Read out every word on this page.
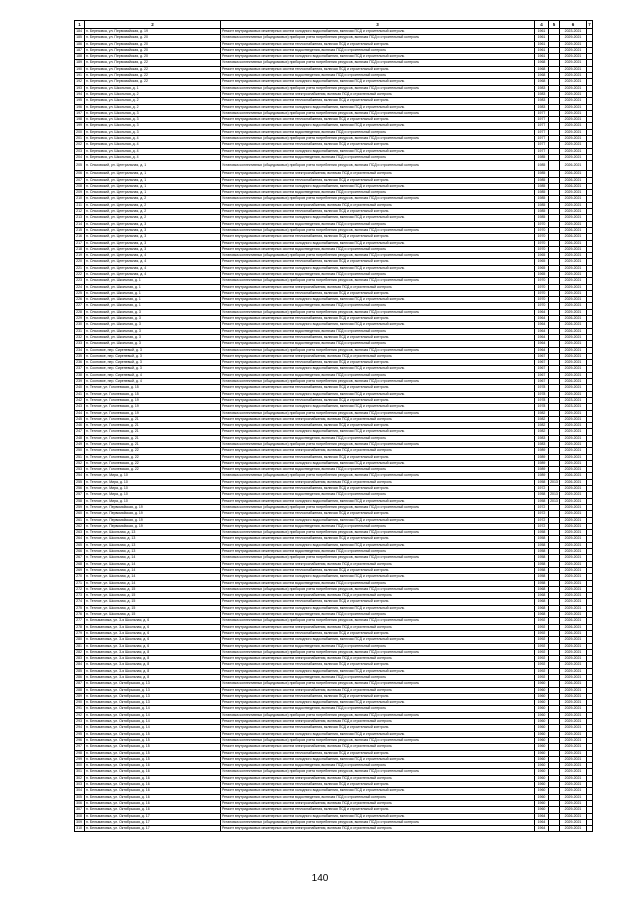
1	2	3	4	5	6	7
184	п. Березовка, ул. Первомайская, д. 19	Ремонт внутридомовых инженерных систем холодного водоснабжения, включая ПСД и строительный контроль	1961		2023-2021	
185	п. Березовка, ул. Первомайская, д. 20	Установка коллективных (общедомовых) приборов учета потребления ресурсов, включая ПСД и строительный контроль	1961		2029-2021	
186	п. Березовка, ул. Первомайская, д. 20	Ремонт внутридомовых инженерных систем теплоснабжения, включая ПСД и строительный контроль	1961		2029-2021	
187	п. Березовка, ул. Первомайская, д. 20	Ремонт внутридомовых инженерных систем водоотведения, включая ПСД и строительный контроль	1961		2029-2021	
188	п. Березовка, ул. Первомайская, д. 20	Ремонт внутридомовых инженерных систем холодного водоснабжения, включая ПСД и строительный контроль	1961		2029-2021	
189	п. Березовка, ул. Первомайская, д. 22	Установка коллективных (общедомовых) приборов учета потребления ресурсов, включая ПСД и строительный контроль	1968		2029-2021	
190	п. Березовка, ул. Первомайская, д. 22	Ремонт внутридомовых инженерных систем теплоснабжения, включая ПСД и строительный контроль	1968		2029-2021	
191	п. Березовка, ул. Первомайская, д. 22	Ремонт внутридомовых инженерных систем водоотведения, включая ПСД и строительный контроль	1968		2029-2021	
192	п. Березовка, ул. Первомайская, д. 22	Ремонт внутридомовых инженерных систем холодного водоснабжения, включая ПСД и строительный контроль	1968		2029-2021	
193	п. Березовка, ул. Школьная, д. 1	Установка коллективных (общедомовых) приборов учета потребления ресурсов, включая ПСД и строительный контроль	1983		2029-2021	
194	п. Березовка, ул. Школьная, д. 2	Ремонт внутридомовых инженерных систем электроснабжения, включая ПСД и строительный контроль	1983		2029-2021	
195	п. Березовка, ул. Школьная, д. 2	Ремонт внутридомовых инженерных систем теплоснабжения, включая ПСД и строительный контроль	1983		2029-2021	
196	п. Березовка, ул. Школьная, д. 2	Ремонт внутридомовых инженерных систем холодного водоснабжения, включая ПСД и строительный контроль	1983		2029-2021	
197	п. Березовка, ул. Школьная, д. 3	Установка коллективных (общедомовых) приборов учета потребления ресурсов, включая ПСД и строительный контроль	1977		2029-2021	
198	п. Березовка, ул. Школьная, д. 3	Ремонт внутридомовых инженерных систем теплоснабжения, включая ПСД и строительный контроль	1977		2029-2021	
199	п. Березовка, ул. Школьная, д. 3	Ремонт внутридомовых инженерных систем холодного водоснабжения, включая ПСД и строительный контроль	1977		2029-2021	
200	п. Березовка, ул. Школьная, д. 3	Ремонт внутридомовых инженерных систем водоотведения, включая ПСД и строительный контроль	1977		2029-2021	
201	п. Березовка, ул. Школьная, д. 4	Установка коллективных (общедомовых) приборов учета потребления ресурсов, включая ПСД и строительный контроль	1977		2029-2021	
202	п. Березовка, ул. Школьная, д. 4	Ремонт внутридомовых инженерных систем теплоснабжения, включая ПСД и строительный контроль	1977		2029-2021	
203	п. Березовка, ул. Школьная, д. 4	Ремонт внутридомовых инженерных систем холодного водоснабжения, включая ПСД и строительный контроль	1977		2029-2021	
204	п. Березовка, ул. Школьная, д. 4	Ремонт внутридомовых инженерных систем водоотведения, включая ПСД и строительный контроль	1985		2029-2021	
205	п. Ольховский, ул. Центральная, д. 1	Установка коллективных (общедомовых) приборов учета потребления ресурсов, включая ПСД и строительный контроль	1985		2026-2021	
206	п. Ольховский, ул. Центральная, д. 1	Ремонт внутридомовых инженерных систем электроснабжения, включая ПСД и строительный контроль	1985		2026-2021	
207	п. Ольховский, ул. Центральная, д. 1	Ремонт внутридомовых инженерных систем теплоснабжения, включая ПСД и строительный контроль	1985		2026-2021	
208	п. Ольховский, ул. Центральная, д. 1	Ремонт внутридомовых инженерных систем холодного водоснабжения, включая ПСД и строительный контроль	1985		2026-2021	
209	п. Ольховский, ул. Центральная, д. 1	Ремонт внутридомовых инженерных систем водоотведения, включая ПСД и строительный контроль	1985		2029-2021	
210	п. Ольховский, ул. Центральная, д. 2	Установка коллективных (общедомовых) приборов учета потребления ресурсов, включая ПСД и строительный контроль	1985		2029-2021	
211	п. Ольховский, ул. Центральная, д. 2	Ремонт внутридомовых инженерных систем электроснабжения, включая ПСД и строительный контроль	1985		2029-2021	
212	п. Ольховский, ул. Центральная, д. 2	Ремонт внутридомовых инженерных систем теплоснабжения, включая ПСД и строительный контроль	1985		2029-2021	
213	п. Ольховский, ул. Центральная, д. 2	Ремонт внутридомовых инженерных систем холодного водоснабжения, включая ПСД и строительный контроль	1985		2029-2021	
214	п. Ольховский, ул. Центральная, д. 3	Ремонт внутридомовых инженерных систем водоотведения, включая ПСД и строительный контроль	1970		2029-2021	
215	п. Ольховский, ул. Центральная, д. 3	Установка коллективных (общедомовых) приборов учета потребления ресурсов, включая ПСД и строительный контроль	1970		2026-2021	
216	п. Ольховский, ул. Центральная, д. 3	Ремонт внутридомовых инженерных систем теплоснабжения, включая ПСД и строительный контроль	1970		2026-2021	
217	п. Ольховский, ул. Центральная, д. 3	Ремонт внутридомовых инженерных систем холодного водоснабжения, включая ПСД и строительный контроль	1970		2026-2021	
218	п. Ольховский, ул. Центральная, д. 3	Ремонт внутридомовых инженерных систем водоотведения, включая ПСД и строительный контроль	1970		2029-2021	
219	п. Ольховский, ул. Центральная, д. 4	Установка коллективных (общедомовых) приборов учета потребления ресурсов, включая ПСД и строительный контроль	1965		2029-2021	
220	п. Ольховский, ул. Центральная, д. 4	Ремонт внутридомовых инженерных систем теплоснабжения, включая ПСД и строительный контроль	1965		2029-2021	
221	п. Ольховский, ул. Центральная, д. 4	Ремонт внутридомовых инженерных систем холодного водоснабжения, включая ПСД и строительный контроль	1965		2029-2021	
222	п. Ольховский, ул. Центральная, д. 4	Ремонт внутридомовых инженерных систем водоотведения, включая ПСД и строительный контроль	1965		2029-2021	
223	п. Ольховский, ул. Школьная, д. 1	Установка коллективных (общедомовых) приборов учета потребления ресурсов, включая ПСД и строительный контроль	1970		2029-2021	
224	п. Ольховский, ул. Школьная, д. 1	Ремонт внутридомовых инженерных систем электроснабжения, включая ПСД и строительный контроль	1970		2029-2021	
225	п. Ольховский, ул. Школьная, д. 1	Ремонт внутридомовых инженерных систем теплоснабжения, включая ПСД и строительный контроль	1970		2029-2021	
226	п. Ольховский, ул. Школьная, д. 1	Ремонт внутридомовых инженерных систем холодного водоснабжения, включая ПСД и строительный контроль	1970		2029-2021	
227	п. Ольховский, ул. Школьная, д. 1	Ремонт внутридомовых инженерных систем водоотведения, включая ПСД и строительный контроль	1970		2029-2021	
228	п. Ольховский, ул. Школьная, д. 3	Установка коллективных (общедомовых) приборов учета потребления ресурсов, включая ПСД и строительный контроль	1964		2029-2021	
229	п. Ольховский, ул. Школьная, д. 3	Ремонт внутридомовых инженерных систем теплоснабжения, включая ПСД и строительный контроль	1964		2026-2021	
230	п. Ольховский, ул. Школьная, д. 3	Ремонт внутридомовых инженерных систем холодного водоснабжения, включая ПСД и строительный контроль	1964		2026-2021	
231	п. Ольховский, ул. Школьная, д. 3	Ремонт внутридомовых инженерных систем водоотведения, включая ПСД и строительный контроль	1964		2026-2021	
232	п. Ольховский, ул. Школьная, д. 3	Ремонт внутридомовых инженерных систем теплоснабжения, включая ПСД и строительный контроль	1964		2029-2021	
233	п. Ольховский, ул. Школьная, д. 3	Ремонт внутридомовых инженерных систем водоотведения, включая ПСД и строительный контроль	1964		2029-2021	
234	п. Сосновое, пер. Сиреневый, д. 3	Установка коллективных (общедомовых) приборов учета потребления ресурсов, включая ПСД и строительный контроль	1964		2029-2021	
235	п. Сосновое, пер. Сиреневый, д. 3	Ремонт внутридомовых инженерных систем электроснабжения, включая ПСД и строительный контроль	1967		2029-2021	
236	п. Сосновое, пер. Сиреневый, д. 3	Ремонт внутридомовых инженерных систем теплоснабжения, включая ПСД и строительный контроль	1967		2029-2021	
237	п. Сосновое, пер. Сиреневый, д. 3	Ремонт внутридомовых инженерных систем холодного водоснабжения, включая ПСД и строительный контроль	1967		2029-2021	
238	п. Сосновое, пер. Сиреневый, д. 4	Ремонт внутридомовых инженерных систем водоотведения, включая ПСД и строительный контроль	1967		2029-2021	
239	п. Сосновое, пер. Сиреневый, д. 4	Установка коллективных (общедомовых) приборов учета потребления ресурсов, включая ПСД и строительный контроль	1967		2026-2021	
240	п. Теплое, ул. Гоголевская, д. 15	Ремонт внутридомовых инженерных систем теплоснабжения, включая ПСД и строительный контроль	1978		2029-2021	
241	п. Теплое, ул. Гоголевская, д. 15	Ремонт внутридомовых инженерных систем холодного водоснабжения, включая ПСД и строительный контроль	1978		2029-2021	
242	п. Теплое, ул. Гоголевская, д. 19	Ремонт внутридомовых инженерных систем теплоснабжения, включая ПСД и строительный контроль	1978		2023-2021	
243	п. Теплое, ул. Гоголевская, д. 19	Ремонт внутридомовых инженерных систем холодного водоснабжения, включая ПСД и строительный контроль	1978		2023-2021	
244	п. Теплое, ул. Гоголевская, д. 19	Установка коллективных (общедомовых) приборов учета потребления ресурсов, включая ПСД и строительный контроль	1982		2029-2021	
245	п. Теплое, ул. Гоголевская, д. 21	Ремонт внутридомовых инженерных систем электроснабжения, включая ПСД и строительный контроль	1982		2029-2021	
246	п. Теплое, ул. Гоголевская, д. 21	Ремонт внутридомовых инженерных систем теплоснабжения, включая ПСД и строительный контроль	1982		2029-2021	
247	п. Теплое, ул. Гоголевская, д. 21	Ремонт внутридомовых инженерных систем холодного водоснабжения, включая ПСД и строительный контроль	1982		2029-2021	
248	п. Теплое, ул. Гоголевская, д. 21	Ремонт внутридомовых инженерных систем водоотведения, включая ПСД и строительный контроль	1983		2029-2021	
249	п. Теплое, ул. Гоголевская, д. 21	Установка коллективных (общедомовых) приборов учета потребления ресурсов, включая ПСД и строительный контроль	1983		2029-2021	
250	п. Теплое, ул. Гоголевская, д. 22	Ремонт внутридомовых инженерных систем электроснабжения, включая ПСД и строительный контроль	1989		2029-2021	
251	п. Теплое, ул. Гоголевская, д. 22	Ремонт внутридомовых инженерных систем теплоснабжения, включая ПСД и строительный контроль	1989		2029-2021	
252	п. Теплое, ул. Гоголевская, д. 22	Ремонт внутридомовых инженерных систем холодного водоснабжения, включая ПСД и строительный контроль	1989		2029-2021	
253	п. Теплое, ул. Гоголевская, д. 22	Ремонт внутридомовых инженерных систем водоотведения, включая ПСД и строительный контроль	1989		2029-2021	
254	п. Теплое, ул. Мира, д. 10	Установка коллективных (общедомовых) приборов учета потребления ресурсов, включая ПСД и строительный контроль	1989		2026-2021	
255	п. Теплое, ул. Мира, д. 10	Ремонт внутридомовых инженерных систем электроснабжения, включая ПСД и строительный контроль	1958	2013	2026-2021	
256	п. Теплое, ул. Мира, д. 10	Ремонт внутридомовых инженерных систем теплоснабжения, включая ПСД и строительный контроль	1972		2029-2021	
257	п. Теплое, ул. Мира, д. 10	Ремонт внутридомовых инженерных систем водоотведения, включая ПСД и строительный контроль	1958	2013	2029-2021	
258	п. Теплое, ул. Мира, д. 10	Ремонт внутридомовых инженерных систем холодного водоснабжения, включая ПСД и строительный контроль	1958	2013	2029-2021	
259	п. Теплое, ул. Первомайская, д. 19	Установка коллективных (общедомовых) приборов учета потребления ресурсов, включая ПСД и строительный контроль	1972		2029-2021	
260	п. Теплое, ул. Первомайская, д. 19	Ремонт внутридомовых инженерных систем теплоснабжения, включая ПСД и строительный контроль	1972		2029-2021	
261	п. Теплое, ул. Первомайская, д. 19	Ремонт внутридомовых инженерных систем холодного водоснабжения, включая ПСД и строительный контроль	1972		2029-2021	
262	п. Теплое, ул. Первомайская, д. 19	Ремонт внутридомовых инженерных систем водоотведения, включая ПСД и строительный контроль	1972		2029-2021	
263	п. Теплое, ул. Школьная, д. 13	Установка коллективных (общедомовых) приборов учета потребления ресурсов, включая ПСД и строительный контроль	1958		2029-2021	
264	п. Теплое, ул. Школьная, д. 13	Ремонт внутридомовых инженерных систем теплоснабжения, включая ПСД и строительный контроль	1958		2029-2021	
265	п. Теплое, ул. Школьная, д. 13	Ремонт внутридомовых инженерных систем холодного водоснабжения, включая ПСД и строительный контроль	1958		2029-2021	
266	п. Теплое, ул. Школьная, д. 13	Ремонт внутридомовых инженерных систем водоотведения, включая ПСД и строительный контроль	1958		2029-2021	
267	п. Теплое, ул. Школьная, д. 14	Установка коллективных (общедомовых) приборов учета потребления ресурсов, включая ПСД и строительный контроль	1958		2029-2021	
268	п. Теплое, ул. Школьная, д. 14	Ремонт внутридомовых инженерных систем электроснабжения, включая ПСД и строительный контроль	1958		2029-2021	
269	п. Теплое, ул. Школьная, д. 14	Ремонт внутридомовых инженерных систем теплоснабжения, включая ПСД и строительный контроль	1958		2029-2021	
270	п. Теплое, ул. Школьная, д. 14	Ремонт внутридомовых инженерных систем холодного водоснабжения, включая ПСД и строительный контроль	1958		2029-2021	
271	п. Теплое, ул. Школьная, д. 14	Ремонт внутридомовых инженерных систем водоотведения, включая ПСД и строительный контроль	1958		2029-2021	
272	п. Теплое, ул. Школьная, д. 15	Установка коллективных (общедомовых) приборов учета потребления ресурсов, включая ПСД и строительный контроль	1968		2029-2021	
273	п. Теплое, ул. Школьная, д. 15	Ремонт внутридомовых инженерных систем электроснабжения, включая ПСД и строительный контроль	1968		2029-2021	
274	п. Теплое, ул. Школьная, д. 15	Ремонт внутридомовых инженерных систем теплоснабжения, включая ПСД и строительный контроль	1968		2029-2021	
275	п. Теплое, ул. Школьная, д. 15	Ремонт внутридомовых инженерных систем холодного водоснабжения, включая ПСД и строительный контроль	1968		2029-2021	
276	п. Теплое, ул. Школьная, д. 15	Ремонт внутридомовых инженерных систем водоотведения, включая ПСД и строительный контроль	1968		2029-2021	
277	п. Бельмановка, ул. 3-я Школьная, д. 6	Установка коллективных (общедомовых) приборов учета потребления ресурсов, включая ПСД и строительный контроль	1992		2026-2021	
278	п. Бельмановка, ул. 3-я Школьная, д. 6	Ремонт внутридомовых инженерных систем электроснабжения, включая ПСД и строительный контроль	1992		2026-2021	
279	п. Бельмановка, ул. 3-я Школьная, д. 6	Ремонт внутридомовых инженерных систем теплоснабжения, включая ПСД и строительный контроль	1992		2026-2021	
280	п. Бельмановка, ул. 3-я Школьная, д. 6	Ремонт внутридомовых инженерных систем холодного водоснабжения, включая ПСД и строительный контроль	1992		2029-2021	
281	п. Бельмановка, ул. 3-я Школьная, д. 6	Ремонт внутридомовых инженерных систем водоотведения, включая ПСД и строительный контроль	1992		2029-2021	
282	п. Бельмановка, ул. 3-я Школьная, д. 8	Установка коллективных (общедомовых) приборов учета потребления ресурсов, включая ПСД и строительный контроль	1992		2029-2021	
283	п. Бельмановка, ул. 3-я Школьная, д. 8	Ремонт внутридомовых инженерных систем электроснабжения, включая ПСД и строительный контроль	1992		2029-2021	
284	п. Бельмановка, ул. 3-я Школьная, д. 8	Ремонт внутридомовых инженерных систем теплоснабжения, включая ПСД и строительный контроль	1992		2029-2021	
285	п. Бельмановка, ул. 3-я Школьная, д. 8	Ремонт внутридомовых инженерных систем холодного водоснабжения, включая ПСД и строительный контроль	1992		2029-2021	
286	п. Бельмановка, ул. 3-я Школьная, д. 8	Ремонт внутридомовых инженерных систем водоотведения, включая ПСД и строительный контроль	1992		2029-2021	
287	п. Бельмановка, ул. Октябрьская, д. 13	Установка коллективных (общедомовых) приборов учета потребления ресурсов, включая ПСД и строительный контроль	1960		2026-2021	
288	п. Бельмановка, ул. Октябрьская, д. 13	Ремонт внутридомовых инженерных систем электроснабжения, включая ПСД и строительный контроль	1960		2029-2021	
289	п. Бельмановка, ул. Октябрьская, д. 13	Ремонт внутридомовых инженерных систем теплоснабжения, включая ПСД и строительный контроль	1960		2029-2021	
290	п. Бельмановка, ул. Октябрьская, д. 13	Ремонт внутридомовых инженерных систем холодного водоснабжения, включая ПСД и строительный контроль	1960		2029-2021	
291	п. Бельмановка, ул. Октябрьская, д. 14	Ремонт внутридомовых инженерных систем водоотведения, включая ПСД и строительный контроль	1960		2029-2021	
292	п. Бельмановка, ул. Октябрьская, д. 14	Установка коллективных (общедомовых) приборов учета потребления ресурсов, включая ПСД и строительный контроль	1960		2029-2021	
293	п. Бельмановка, ул. Октябрьская, д. 14	Ремонт внутридомовых инженерных систем электроснабжения, включая ПСД и строительный контроль	1960		2029-2021	
294	п. Бельмановка, ул. Октябрьская, д. 14	Ремонт внутридомовых инженерных систем теплоснабжения, включая ПСД и строительный контроль	1960		2029-2021	
295	п. Бельмановка, ул. Октябрьская, д. 15	Ремонт внутридомовых инженерных систем холодного водоснабжения, включая ПСД и строительный контроль	1960		2029-2021	
296	п. Бельмановка, ул. Октябрьская, д. 15	Установка коллективных (общедомовых) приборов учета потребления ресурсов, включая ПСД и строительный контроль	1960		2029-2021	
297	п. Бельмановка, ул. Октябрьская, д. 15	Ремонт внутридомовых инженерных систем электроснабжения, включая ПСД и строительный контроль	1960		2029-2021	
298	п. Бельмановка, ул. Октябрьская, д. 15	Ремонт внутридомовых инженерных систем теплоснабжения, включая ПСД и строительный контроль	1960		2029-2021	
299	п. Бельмановка, ул. Октябрьская, д. 15	Ремонт внутридомовых инженерных систем холодного водоснабжения, включая ПСД и строительный контроль	1960		2029-2021	
300	п. Бельмановка, ул. Октябрьская, д. 16	Ремонт внутридомовых инженерных систем водоотведения, включая ПСД и строительный контроль	1960		2029-2021	
301	п. Бельмановка, ул. Октябрьская, д. 16	Установка коллективных (общедомовых) приборов учета потребления ресурсов, включая ПСД и строительный контроль	1960		2029-2021	
302	п. Бельмановка, ул. Октябрьская, д. 16	Ремонт внутридомовых инженерных систем электроснабжения, включая ПСД и строительный контроль	1960		2029-2021	
303	п. Бельмановка, ул. Октябрьская, д. 16	Ремонт внутридомовых инженерных систем теплоснабжения, включая ПСД и строительный контроль	1960		2029-2021	
304	п. Бельмановка, ул. Октябрьская, д. 16	Ремонт внутридомовых инженерных систем холодного водоснабжения, включая ПСД и строительный контроль	1960		2029-2021	
305	п. Бельмановка, ул. Октябрьская, д. 16	Ремонт внутридомовых инженерных систем водоотведения, включая ПСД и строительный контроль	1960		2029-2021	
306	п. Бельмановка, ул. Октябрьская, д. 16	Ремонт внутридомовых инженерных систем электроснабжения, включая ПСД и строительный контроль	1960		2029-2021	
307	п. Бельмановка, ул. Октябрьская, д. 16	Ремонт внутридомовых инженерных систем теплоснабжения, включая ПСД и строительный контроль	1960		2029-2021	
308	п. Бельмановка, ул. Октябрьская, д. 17	Ремонт внутридомовых инженерных систем холодного водоснабжения, включая ПСД и строительный контроль	1964		2026-2021	
309	п. Бельмановка, ул. Октябрьская, д. 17	Установка коллективных (общедомовых) приборов учета потребления ресурсов, включая ПСД и строительный контроль	1964		2029-2021	
310	п. Бельмановка, ул. Октябрьская, д. 17	Ремонт внутридомовых инженерных систем электроснабжения, включая ПСД и строительный контроль	1964		2029-2021	
140
